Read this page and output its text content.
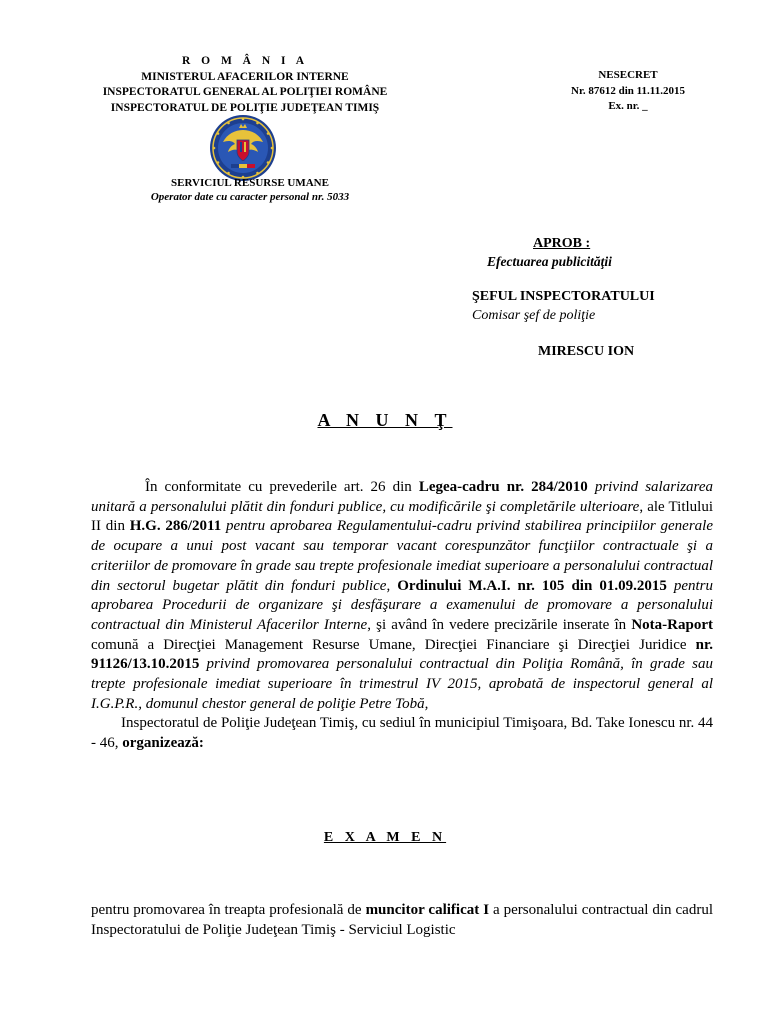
R O M Â N I A
MINISTERUL AFACERILOR INTERNE
INSPECTORATUL GENERAL AL POLIŢIEI ROMÂNE
INSPECTORATUL DE POLIŢIE JUDEŢEAN TIMIŞ
NESECRET
Nr. 87612 din 11.11.2015
Ex. nr. _
SERVICIUL RESURSE UMANE
Operator date cu caracter personal nr. 5033
APROB :
Efectuarea publicităţii
ŞEFUL INSPECTORATULUI
Comisar şef de poliţie
MIRESCU ION
A N U N Ţ

În conformitate cu prevederile art. 26 din Legea-cadru nr. 284/2010 privind salarizarea unitară a personalului plătit din fonduri publice, cu modificările şi completările ulterioare, ale Titlului II din H.G. 286/2011 pentru aprobarea Regulamentului-cadru privind stabilirea principiilor generale de ocupare a unui post vacant sau temporar vacant corespunzător funcţiilor contractuale şi a criteriilor de promovare în grade sau trepte profesionale imediat superioare a personalului contractual din sectorul bugetar plătit din fonduri publice, Ordinului M.A.I. nr. 105 din 01.09.2015 pentru aprobarea Procedurii de organizare şi desfăşurare a examenului de promovare a personalului contractual din Ministerul Afacerilor Interne, şi având în vedere precizările inserate în Nota-Raport comună a Direcţiei Management Resurse Umane, Direcţiei Financiare şi Direcţiei Juridice nr. 91126/13.10.2015 privind promovarea personalului contractual din Poliţia Română, în grade sau trepte profesionale imediat superioare în trimestrul IV 2015, aprobată de inspectorul general al I.G.P.R., domunul chestor general de poliţie Petre Tobă,

Inspectoratul de Poliţie Judeţean Timiş, cu sediul în municipiul Timişoara, Bd. Take Ionescu nr. 44 - 46, organizează:

E X A M E N

pentru promovarea în treapta profesională de muncitor calificat I a personalului contractual din cadrul Inspectoratului de Poliţie Judeţean Timiş - Serviciul Logistic
